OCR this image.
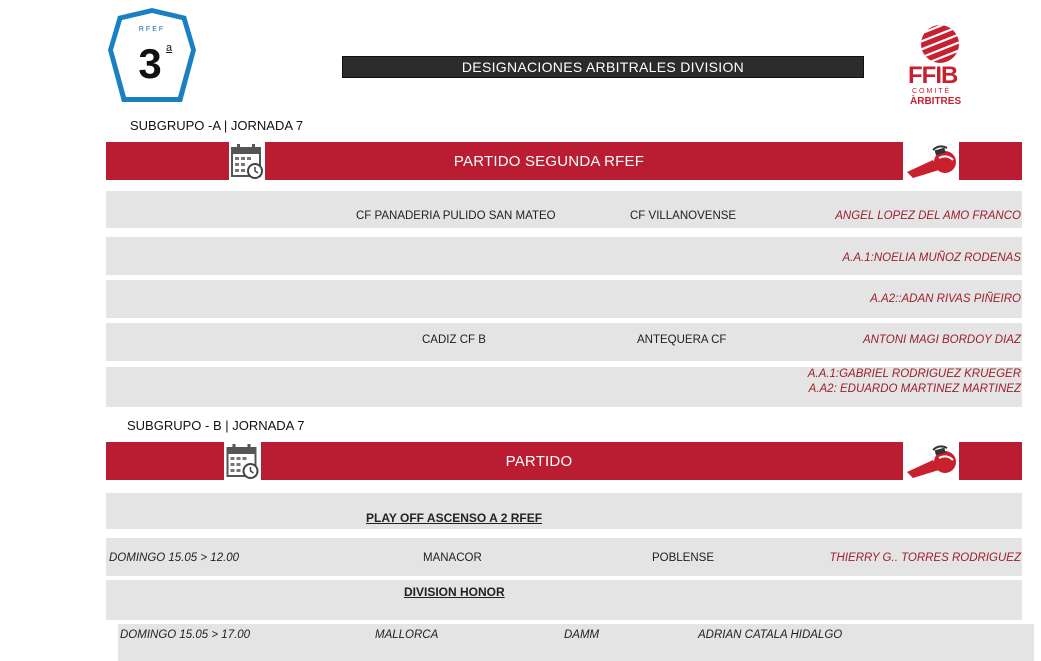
RFEF
3 a
DESIGNACIONES ARBITRALES DIVISION	FFIB
COMITÈ
ÀRBITRES
SUBGRUPO -A | JORNADA 7
PARTIDO SEGUNDA RFEF
CF PANADERIA PULIDO SAN MATEO	CF VILLANOVENSE	ANGEL LOPEZ DEL AMO FRANCO
A.A.1:NOELIA MUÑOZ RODENAS
A.A2::ADAN RIVAS PIÑEIRO
CADIZ CF B	ANTEQUERA CF	ANTONI MAGI BORDOY DIAZ
A.A.1:GABRIEL RODRIGUEZ KRUEGER
A.A2: EDUARDO MARTINEZ MARTINEZ
SUBGRUPO - B | JORNADA 7
PARTIDO
PLAY OFF ASCENSO A 2 RFEF
DOMINGO 15.05 > 12.00	MANACOR	POBLENSE	THIERRY G.. TORRES RODRIGUEZ
DIVISION HONOR
DOMINGO 15.05 > 17.00	MALLORCA	DAMM	ADRIAN CATALA HIDALGO
